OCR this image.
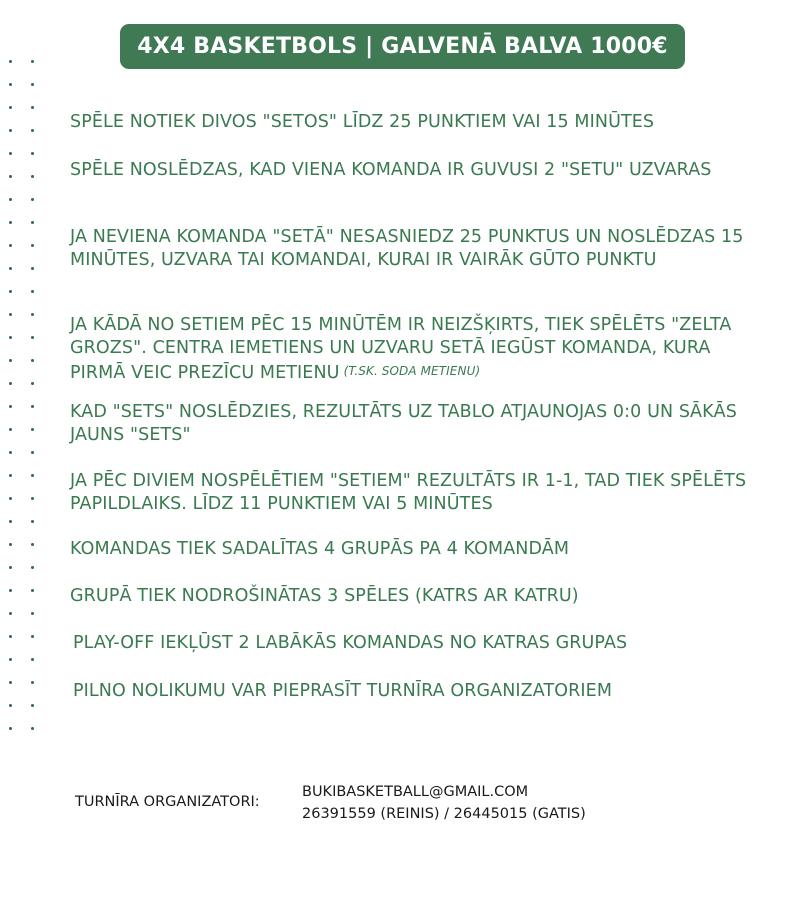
4X4 BASKETBOLS | GALVENĀ BALVA 1000€
SPĒLE NOTIEK DIVOS "SETOS" LĪDZ 25 PUNKTIEM VAI 15 MINŪTES
SPĒLE NOSLĒDZAS, KAD VIENA KOMANDA IR GUVUSI 2 "SETU" UZVARAS
JA NEVIENA KOMANDA "SETĀ" NESASNIEDZ 25 PUNKTUS UN NOSLĒDZAS 15 MINŪTES, UZVARA TAI KOMANDAI, KURAI IR VAIRĀK GŪTO PUNKTU
JA KĀDĀ NO SETIEM PĒC 15 MINŪTĒM IR NEIZŠĶIRTS, TIEK SPĒLĒTS "ZELTA GROZS". CENTRA IEMETIENS UN UZVARU SETĀ IEGŪST KOMANDA, KURA PIRMĀ VEIC PREZĪCU METIENU (T.SK. SODA METIENU)
KAD "SETS" NOSLĒDZIES, REZULTĀTS UZ TABLO ATJAUNOJAS 0:0 UN SĀKĀS JAUNS "SETS"
JA PĒC DIVIEM NOSPĒLĒTIEM "SETIEM" REZULTĀTS IR 1-1, TAD TIEK SPĒLĒTS PAPILDLAIKS. LĪDZ 11 PUNKTIEM VAI 5 MINŪTES
KOMANDAS TIEK SADALĪTAS 4 GRUPĀS PA 4 KOMANDĀM
GRUPĀ TIEK NODROŠINĀTAS 3 SPĒLES (KATRS AR KATRU)
PLAY-OFF IEKĻŪST 2 LABĀKĀS KOMANDAS NO KATRAS GRUPAS
PILNO NOLIKUMU VAR PIEPRASĪT TURNĪRA ORGANIZATORIEM
TURNĪRA ORGANIZATORI:
BUKIBASKETBALL@GMAIL.COM
26391559 (REINIS) / 26445015 (GATIS)
